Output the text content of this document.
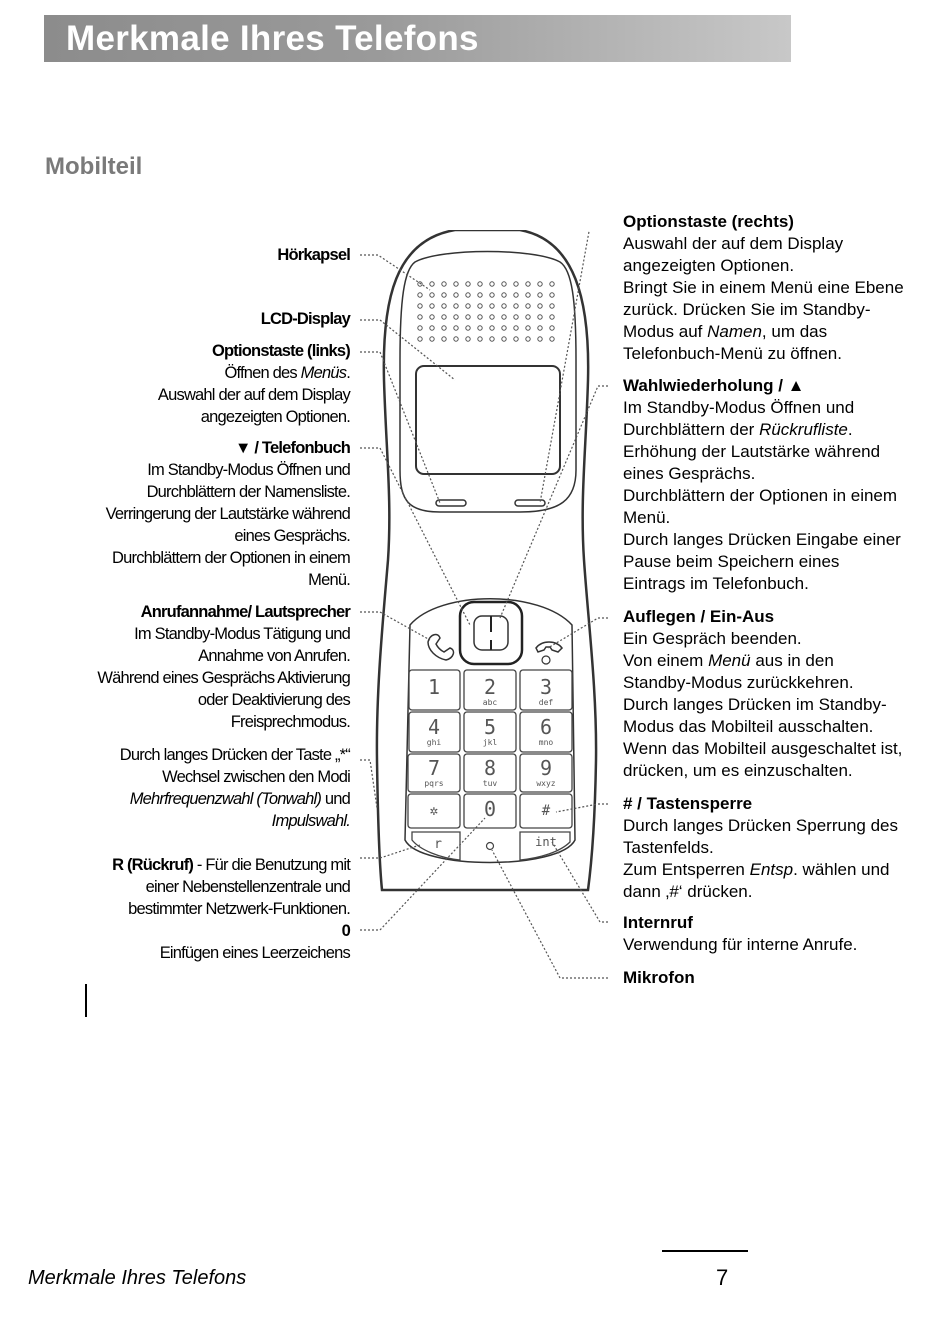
Merkmale Ihres Telefons
Mobilteil
1 2
abc
3
def
4
ghi
5
jkl
6
mno
7
pqrs
8
tuv
9
wxyz
✲ 0	#
r	int
Hörkapsel
LCD-Display
Optionstaste (links)
Öffnen des Menüs.
Auswahl der auf dem Display
angezeigten Optionen.
▼ / Telefonbuch
Im Standby-Modus Öffnen und
Durchblättern der Namensliste.
Verringerung der Lautstärke während
eines Gesprächs.
Durchblättern der Optionen in einem
Menü.
Anrufannahme/ Lautsprecher
Im Standby-Modus Tätigung und
Annahme von Anrufen.
Während eines Gesprächs Aktivierung
oder Deaktivierung des
Freisprechmodus.
Durch langes Drücken der Taste „*“
Wechsel zwischen den Modi
Mehrfrequenzwahl (Tonwahl) und
Impulswahl.
R (Rückruf) - Für die Benutzung mit
einer Nebenstellenzentrale und
bestimmter Netzwerk-Funktionen.
0
Einfügen eines Leerzeichens
Optionstaste (rechts)
Auswahl der auf dem Display
angezeigten Optionen.
Bringt Sie in einem Menü eine Ebene
zurück. Drücken Sie im Standby-
Modus auf Namen, um das
Telefonbuch-Menü zu öffnen.
Wahlwiederholung / ▲
Im Standby-Modus Öffnen und
Durchblättern der Rückrufliste.
Erhöhung der Lautstärke während
eines Gesprächs.
Durchblättern der Optionen in einem
Menü.
Durch langes Drücken Eingabe einer
Pause beim Speichern eines
Eintrags im Telefonbuch.
Auflegen / Ein-Aus
Ein Gespräch beenden.
Von einem Menü aus in den
Standby-Modus zurückkehren.
Durch langes Drücken im Standby-
Modus das Mobilteil ausschalten.
Wenn das Mobilteil ausgeschaltet ist,
drücken, um es einzuschalten.
# / Tastensperre
Durch langes Drücken Sperrung des
Tastenfelds.
Zum Entsperren Entsp. wählen und
dann ‚#‘ drücken.
Internruf
Verwendung für interne Anrufe.
Mikrofon
Merkmale Ihres Telefons	7
